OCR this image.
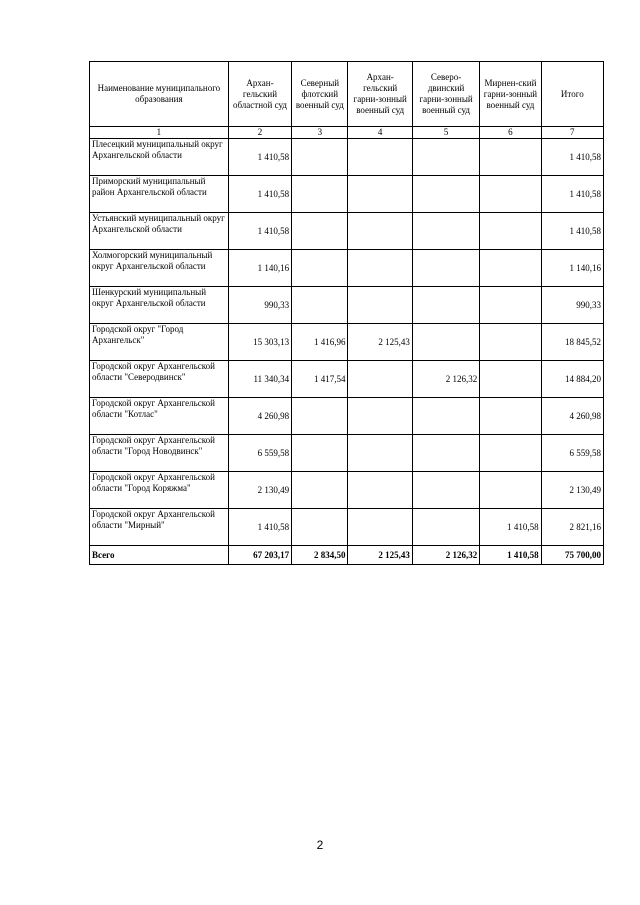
Наименование муниципального образования	Архан-гельский областной суд	Северный флотский военный суд	Архан-гельский гарни-зонный военный суд	Северо-двинский гарни-зонный военный суд	Мирнен-ский гарни-зонный военный суд	Итого
1	2	3	4	5	6	7
Плесецкий муниципальный округ Архангельской области	1 410,58					1 410,58
Приморский муниципальный район Архангельской области	1 410,58					1 410,58
Устьянский муниципальный округ Архангельской области	1 410,58					1 410,58
Холмогорский муниципальный округ Архангельской области	1 140,16					1 140,16
Шенкурский муниципальный округ Архангельской области	990,33					990,33
Городской округ "Город Архангельск"	15 303,13	1 416,96	2 125,43			18 845,52
Городской округ Архангельской области "Северодвинск"	11 340,34	1 417,54		2 126,32		14 884,20
Городской округ Архангельской области "Котлас"	4 260,98					4 260,98
Городской округ Архангельской области "Город Новодвинск"	6 559,58					6 559,58
Городской округ Архангельской области "Город Коряжма"	2 130,49					2 130,49
Городской округ Архангельской области "Мирный"	1 410,58				1 410,58	2 821,16
Всего	67 203,17	2 834,50	2 125,43	2 126,32	1 410,58	75 700,00
2
